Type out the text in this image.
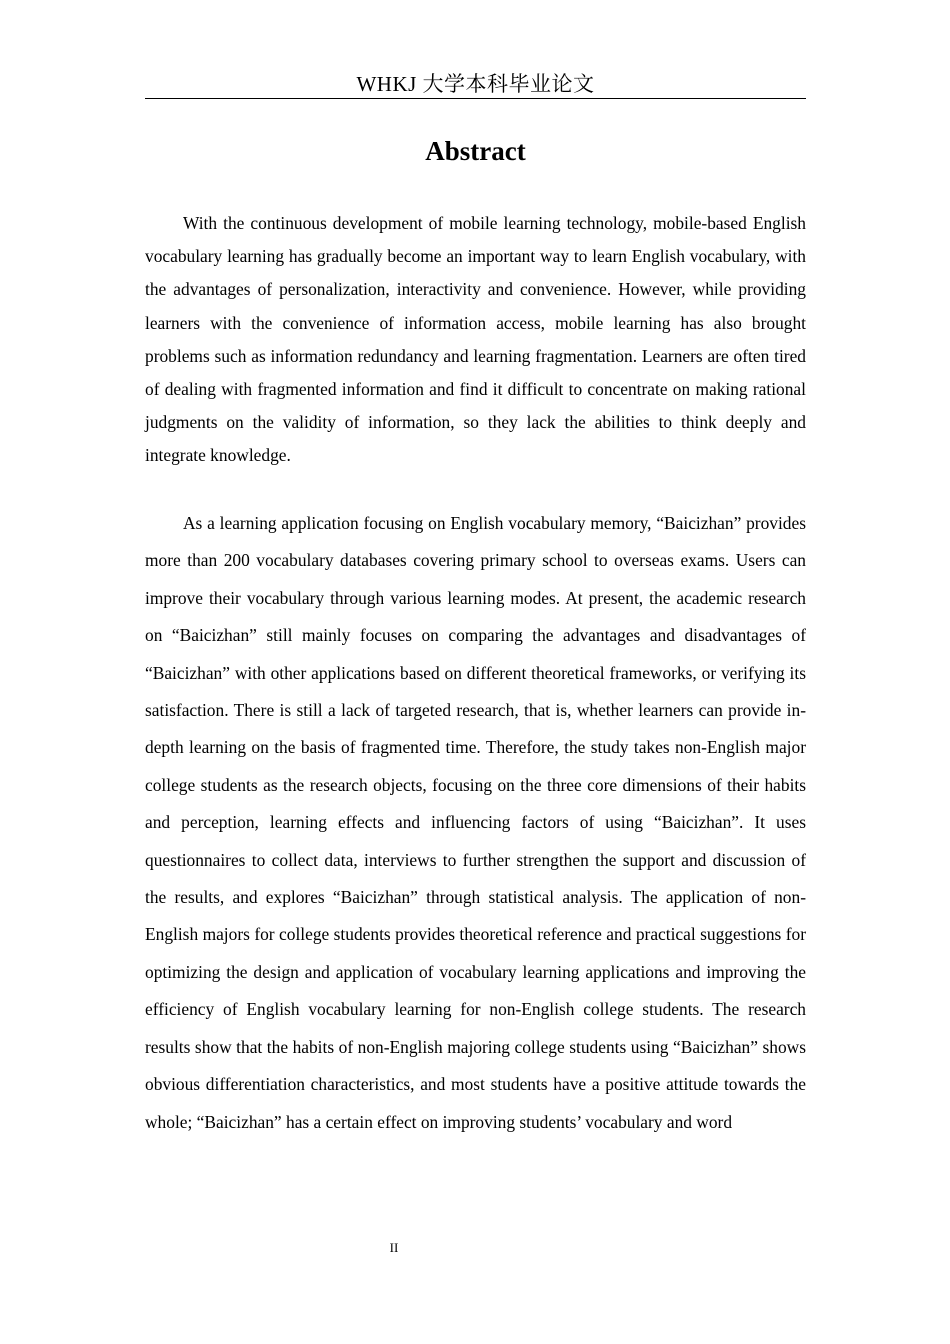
WHKJ 大学本科毕业论文
Abstract

With the continuous development of mobile learning technology, mobile-based English vocabulary learning has gradually become an important way to learn English vocabulary, with the advantages of personalization, interactivity and convenience. However, while providing learners with the convenience of information access, mobile learning has also brought problems such as information redundancy and learning fragmentation. Learners are often tired of dealing with fragmented information and find it difficult to concentrate on making rational judgments on the validity of information, so they lack the abilities to think deeply and integrate knowledge.

As a learning application focusing on English vocabulary memory, “Baicizhan” provides more than 200 vocabulary databases covering primary school to overseas exams. Users can improve their vocabulary through various learning modes. At present, the academic research on “Baicizhan” still mainly focuses on comparing the advantages and disadvantages of “Baicizhan” with other applications based on different theoretical frameworks, or verifying its satisfaction. There is still a lack of targeted research, that is, whether learners can provide in-depth learning on the basis of fragmented time. Therefore, the study takes non-English major college students as the research objects, focusing on the three core dimensions of their habits and perception, learning effects and influencing factors of using “Baicizhan”. It uses questionnaires to collect data, interviews to further strengthen the support and discussion of the results, and explores “Baicizhan” through statistical analysis. The application of non-English majors for college students provides theoretical reference and practical suggestions for optimizing the design and application of vocabulary learning applications and improving the efficiency of English vocabulary learning for non-English college students. The research results show that the habits of non-English majoring college students using “Baicizhan” shows obvious differentiation characteristics, and most students have a positive attitude towards the whole; “Baicizhan” has a certain effect on improving students’ vocabulary and word

II
